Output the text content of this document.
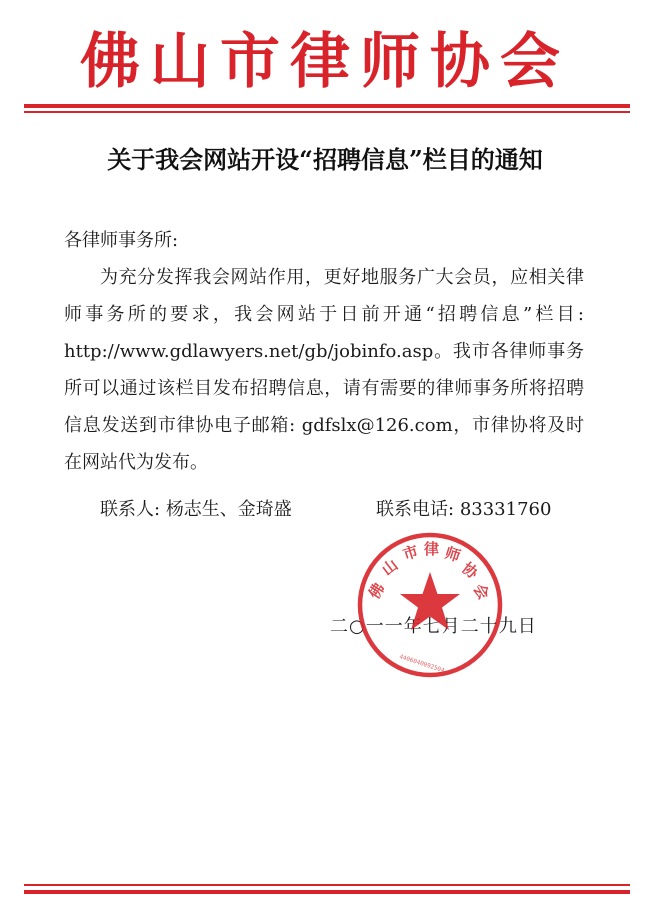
佛山市律师协会
关于我会网站开设“招聘信息”栏目的通知

各律师事务所:

为充分发挥我会网站作用，更好地服务广大会员，应相关律师事务所的要求，我会网站于日前开通“招聘信息”栏目: http://www.gdlawyers.net/gb/jobinfo.asp。我市各律师事务所可以通过该栏目发布招聘信息，请有需要的律师事务所将招聘信息发送到市律协电子邮箱: gdfslx@126.com，市律协将及时在网站代为发布。

联系人: 杨志生、金琦盛	联系电话: 83331760
二○一一年七月二十九日
佛
山
市 律 师
协
会
4406040092504
